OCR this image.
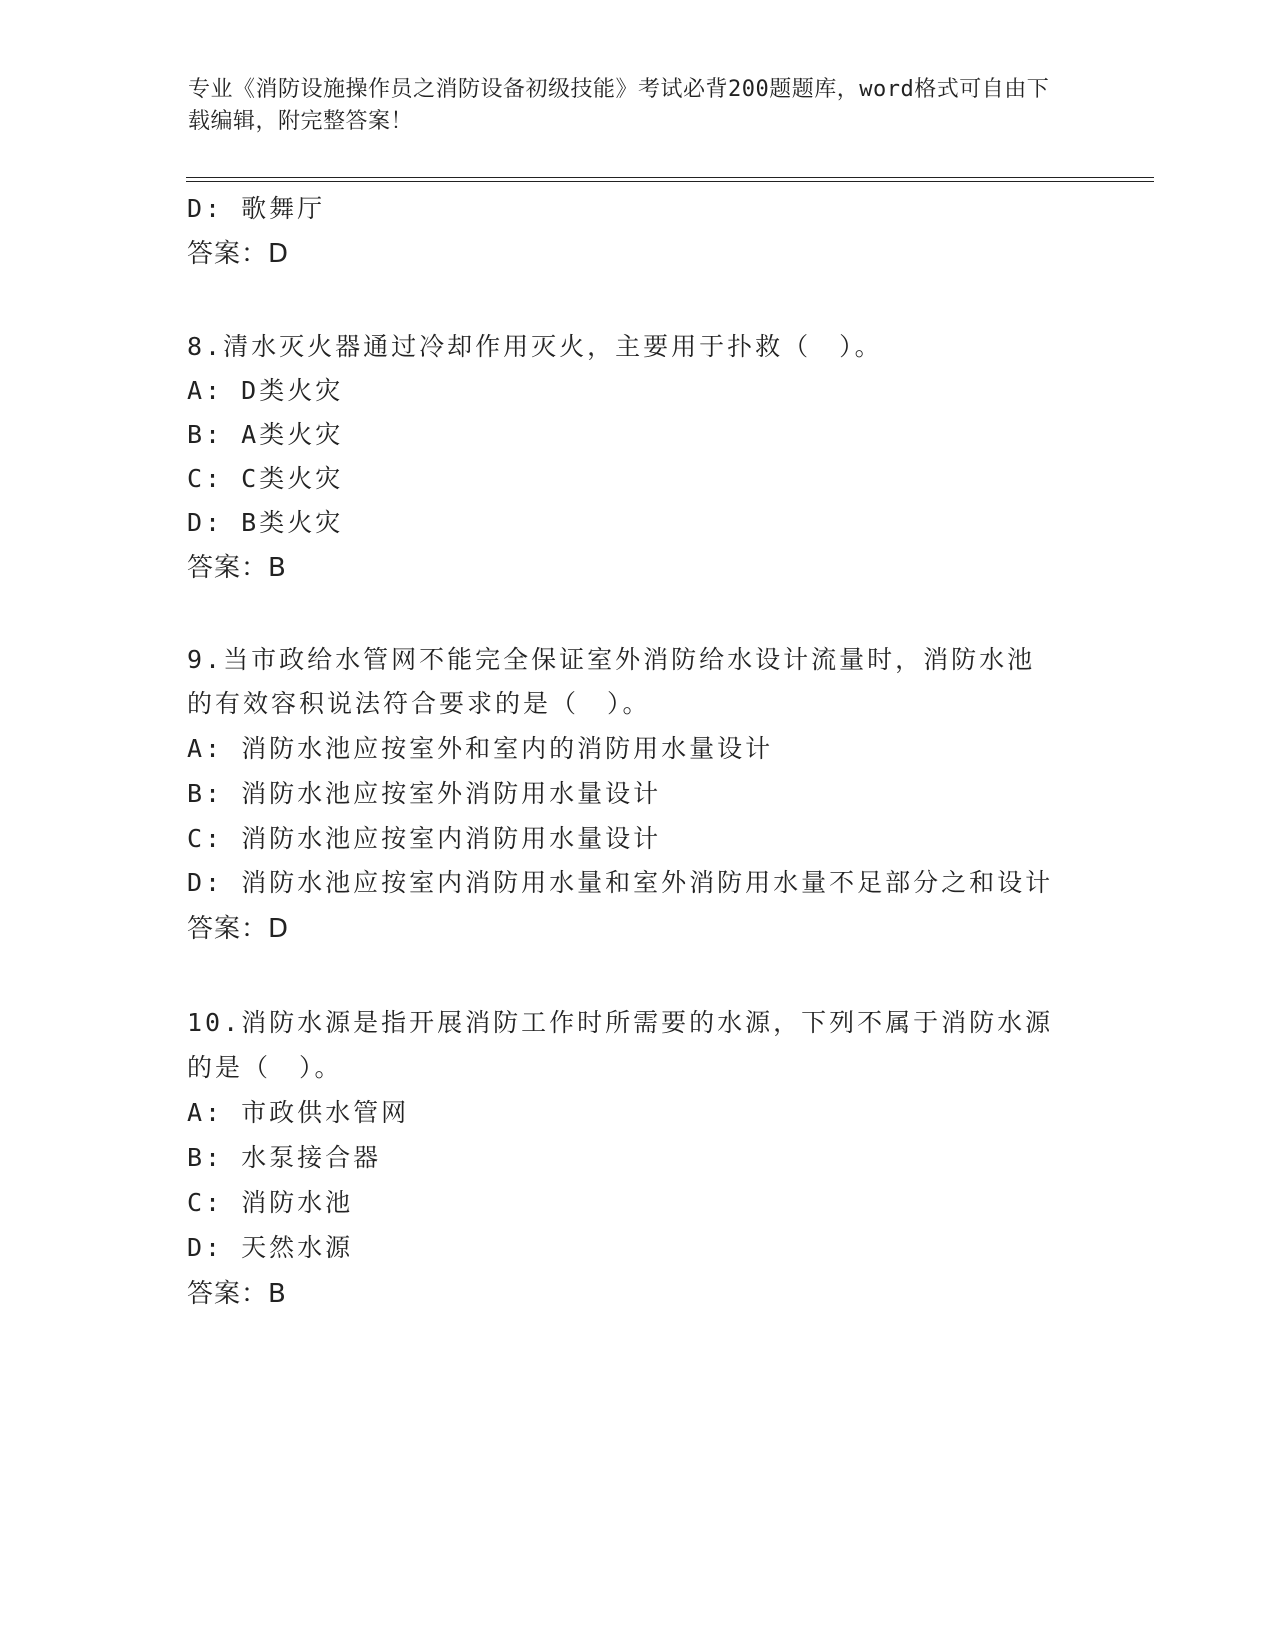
专业《消防设施操作员之消防设备初级技能》考试必背200题题库，word格式可自由下载编辑，附完整答案！
D: 歌舞厅
答案：D
8.清水灭火器通过冷却作用灭火，主要用于扑救（　）。
A: D类火灾
B: A类火灾
C: C类火灾
D: B类火灾
答案：B
9.当市政给水管网不能完全保证室外消防给水设计流量时，消防水池
的有效容积说法符合要求的是（　）。
A: 消防水池应按室外和室内的消防用水量设计
B: 消防水池应按室外消防用水量设计
C: 消防水池应按室内消防用水量设计
D: 消防水池应按室内消防用水量和室外消防用水量不足部分之和设计
答案：D
10.消防水源是指开展消防工作时所需要的水源，下列不属于消防水源
的是（　）。
A: 市政供水管网
B: 水泵接合器
C: 消防水池
D: 天然水源
答案：B
